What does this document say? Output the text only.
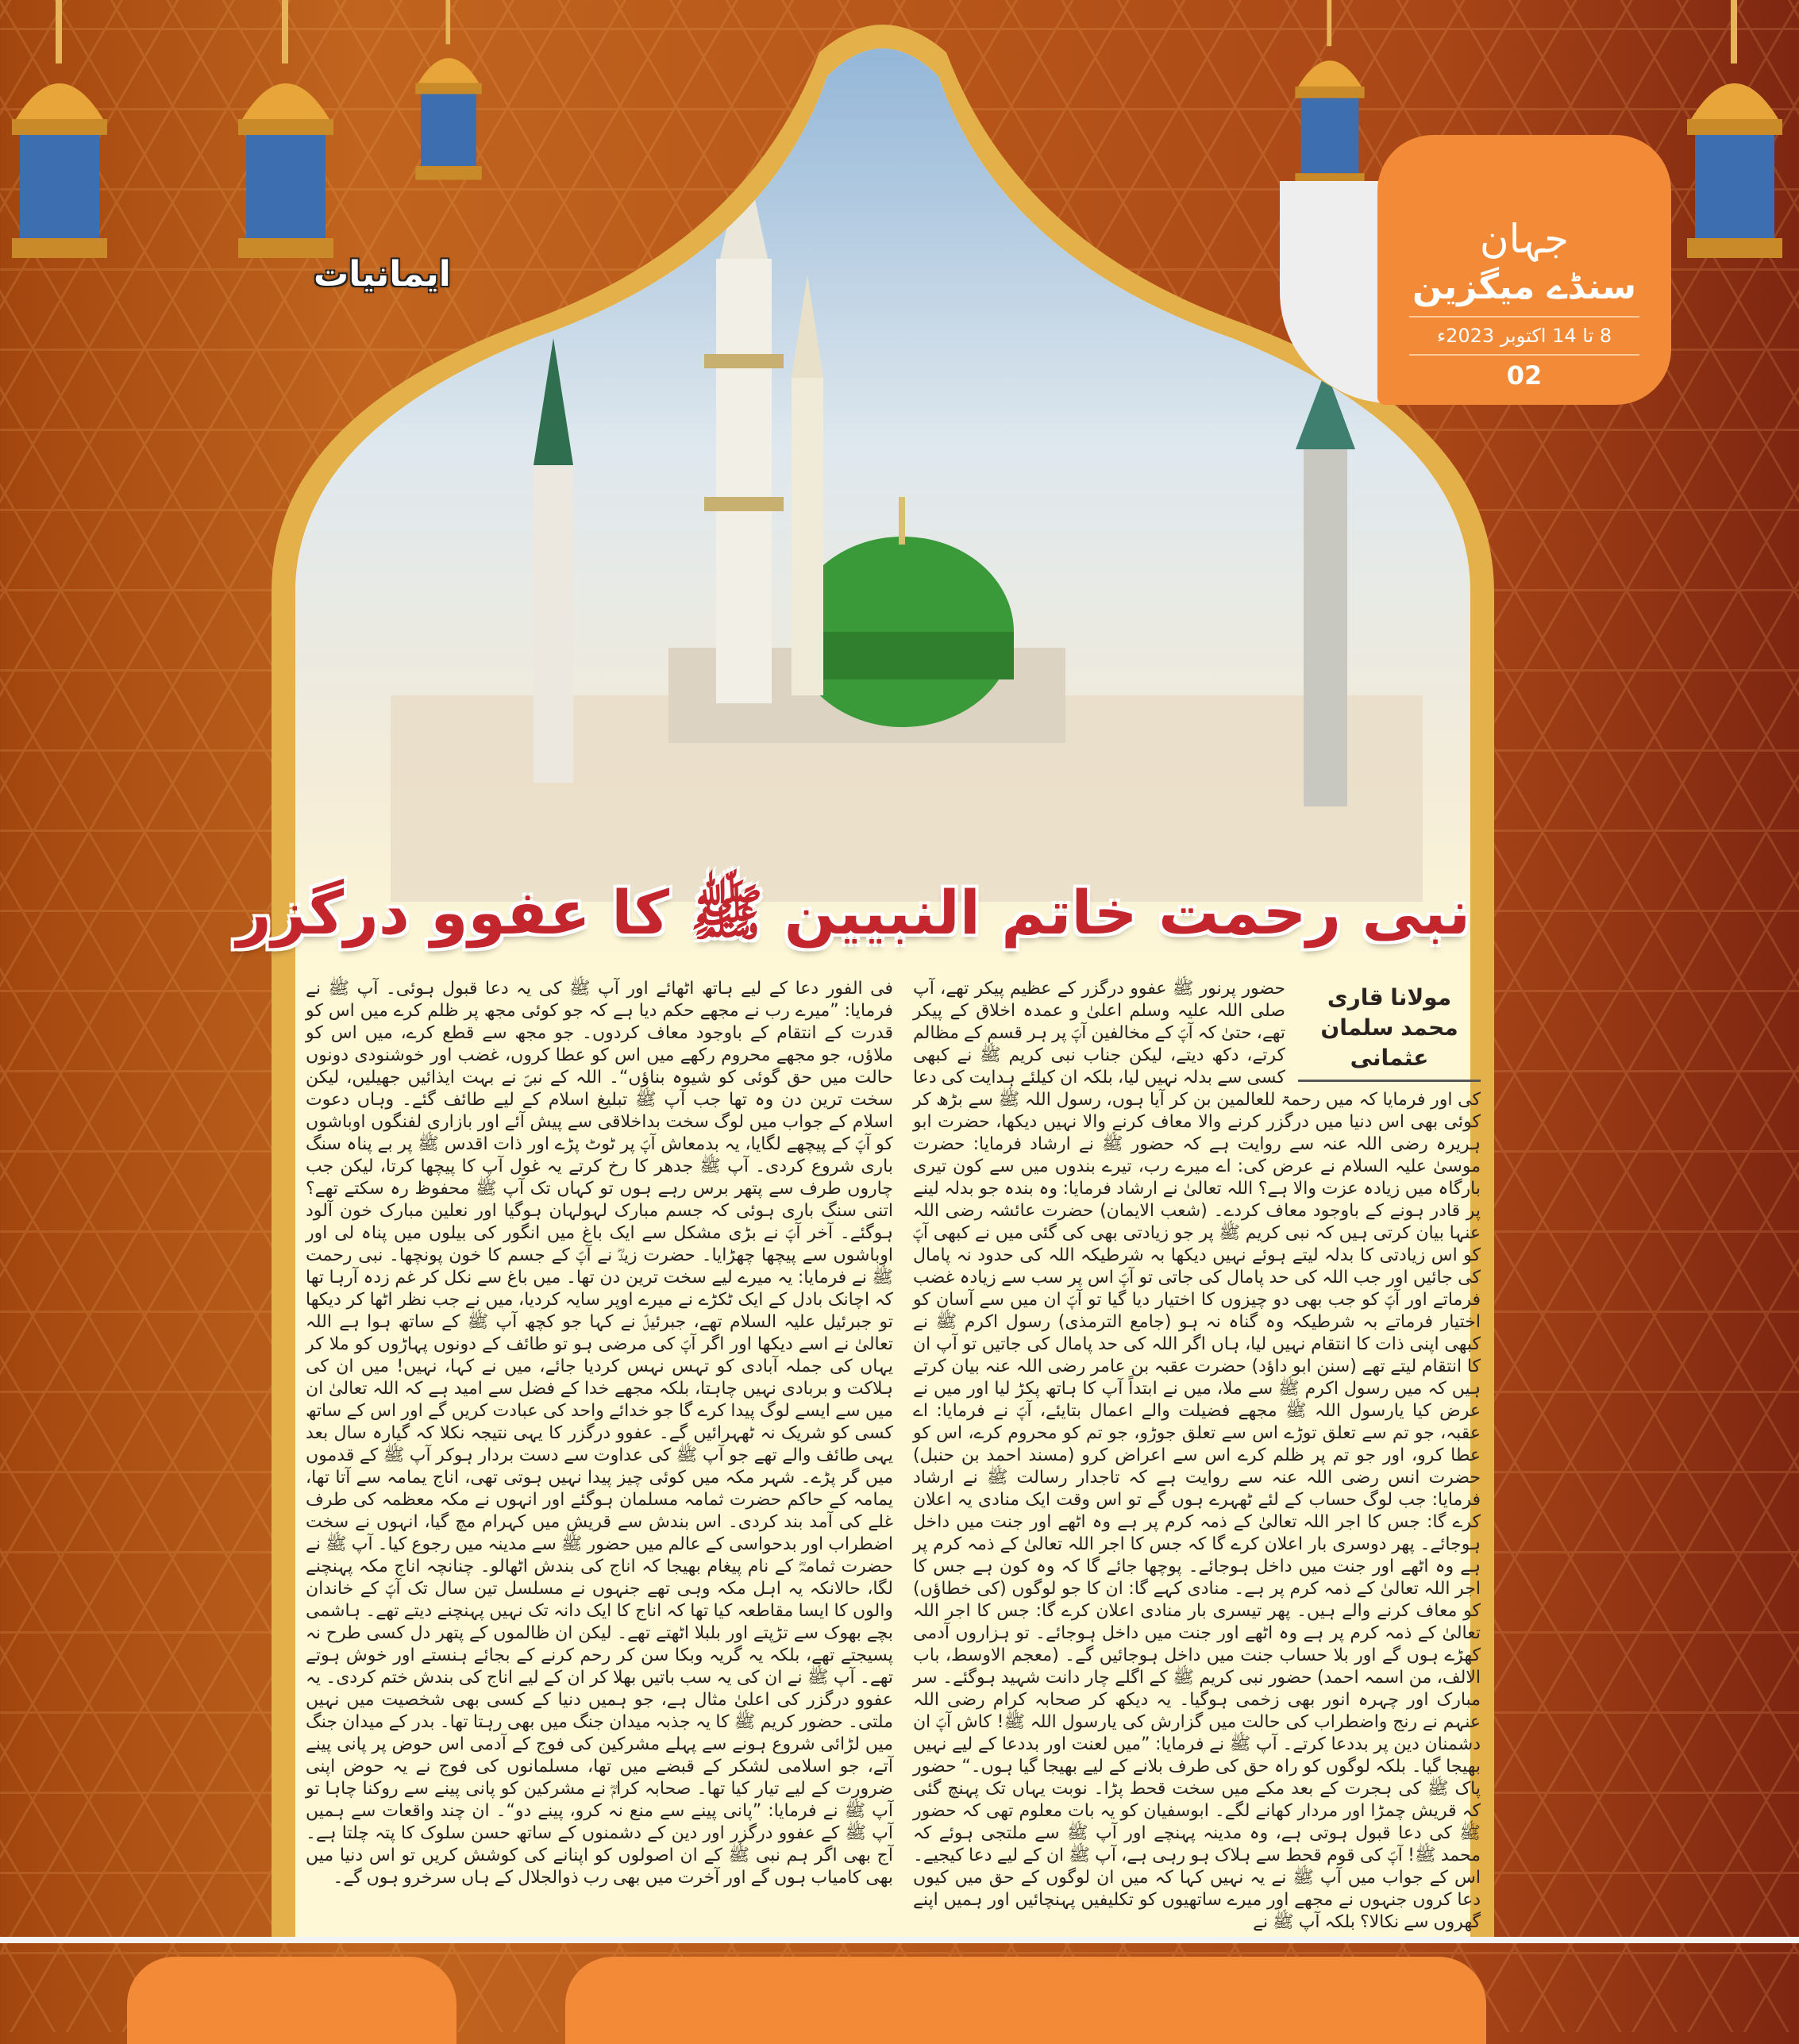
جہان
سنڈے میگزین
8 تا 14 اکتوبر 2023ء
02
ایمانیات
نبی رحمت خاتم النبیین ﷺ کا عفوو درگزر
مولانا قاری محمد سلمان عثمانی
حضور پرنور ﷺ عفوو درگزر کے عظیم پیکر تھے، آپ صلی اللہ علیہ وسلم اعلیٰ و عمدہ اخلاق کے پیکر تھے، حتیٰ کہ آپؐ کے مخالفین آپؐ پر ہر قسم کے مظالم کرتے، دکھ دیتے، لیکن جناب نبی کریم ﷺ نے کبھی کسی سے بدلہ نہیں لیا، بلکہ ان کیلئے ہدایت کی دعا کی اور فرمایا کہ میں رحمۃ للعالمین بن کر آیا ہوں، رسول اللہ ﷺ سے بڑھ کر کوئی بھی اس دنیا میں درگزر کرنے والا معاف کرنے والا نہیں دیکھا، حضرت ابو ہریرہ رضی اللہ عنہ سے روایت ہے کہ حضور ﷺ نے ارشاد فرمایا: حضرت موسیٰ علیہ السلام نے عرض کی: اے میرے رب، تیرے بندوں میں سے کون تیری بارگاہ میں زیادہ عزت والا ہے؟ اللہ تعالیٰ نے ارشاد فرمایا: وہ بندہ جو بدلہ لینے پر قادر ہونے کے باوجود معاف کردے۔ (شعب الایمان) حضرت عائشہ رضی اللہ عنہا بیان کرتی ہیں کہ نبی کریم ﷺ پر جو زیادتی بھی کی گئی میں نے کبھی آپؐ کو اس زیادتی کا بدلہ لیتے ہوئے نہیں دیکھا بہ شرطیکہ اللہ کی حدود نہ پامال کی جائیں اور جب اللہ کی حد پامال کی جاتی تو آپؐ اس پر سب سے زیادہ غضب فرماتے اور آپؐ کو جب بھی دو چیزوں کا اختیار دیا گیا تو آپؐ ان میں سے آسان کو اختیار فرماتے بہ شرطیکہ وہ گناہ نہ ہو (جامع الترمذی) رسول اکرم ﷺ نے کبھی اپنی ذات کا انتقام نہیں لیا، ہاں اگر اللہ کی حد پامال کی جاتیں تو آپ ان کا انتقام لیتے تھے (سنن ابو داؤد) حضرت عقبہ بن عامر رضی اللہ عنہ بیان کرتے ہیں کہ میں رسول اکرم ﷺ سے ملا، میں نے ابتداً آپ کا ہاتھ پکڑ لیا اور میں نے عرض کیا یارسول اللہ ﷺ مجھے فضیلت والے اعمال بتایئے، آپؐ نے فرمایا: اے عقبہ، جو تم سے تعلق توڑے اس سے تعلق جوڑو، جو تم کو محروم کرے، اس کو عطا کرو، اور جو تم پر ظلم کرے اس سے اعراض کرو (مسند احمد بن حنبل) حضرت انس رضی اللہ عنہ سے روایت ہے کہ تاجدار رسالت ﷺ نے ارشاد فرمایا: جب لوگ حساب کے لئے ٹھہرے ہوں گے تو اس وقت ایک منادی یہ اعلان کرے گا: جس کا اجر اللہ تعالیٰ کے ذمہ کرم پر ہے وہ اٹھے اور جنت میں داخل ہوجائے۔ پھر دوسری بار اعلان کرے گا کہ جس کا اجر اللہ تعالیٰ کے ذمہ کرم پر ہے وہ اٹھے اور جنت میں داخل ہوجائے۔ پوچھا جائے گا کہ وہ کون ہے جس کا اجر اللہ تعالیٰ کے ذمہ کرم پر ہے۔ منادی کہے گا: ان کا جو لوگوں (کی خطاؤں) کو معاف کرنے والے ہیں۔ پھر تیسری بار منادی اعلان کرے گا: جس کا اجر اللہ تعالیٰ کے ذمہ کرم پر ہے وہ اٹھے اور جنت میں داخل ہوجائے۔ تو ہزاروں آدمی کھڑے ہوں گے اور بلا حساب جنت میں داخل ہوجائیں گے۔ (معجم الاوسط، باب الالف، من اسمہ احمد) حضور نبی کریم ﷺ کے اگلے چار دانت شہید ہوگئے۔ سر مبارک اور چہرہ انور بھی زخمی ہوگیا۔ یہ دیکھ کر صحابہ کرام رضی اللہ عنہم نے رنج واضطراب کی حالت میں گزارش کی یارسول اللہ ﷺ! کاش آپؐ ان دشمنان دین پر بددعا کرتے۔ آپ ﷺ نے فرمایا: ”میں لعنت اور بددعا کے لیے نہیں بھیجا گیا۔ بلکہ لوگوں کو راہ حق کی طرف بلانے کے لیے بھیجا گیا ہوں۔“ حضور پاک ﷺ کی ہجرت کے بعد مکے میں سخت قحط پڑا۔ نوبت یہاں تک پہنچ گئی کہ قریش چمڑا اور مردار کھانے لگے۔ ابوسفیان کو یہ بات معلوم تھی کہ حضور ﷺ کی دعا قبول ہوتی ہے، وہ مدینہ پہنچے اور آپ ﷺ سے ملتجی ہوئے کہ محمد ﷺ! آپؐ کی قوم قحط سے ہلاک ہو رہی ہے، آپ ﷺ ان کے لیے دعا کیجیے۔ اس کے جواب میں آپ ﷺ نے یہ نہیں کہا کہ میں ان لوگوں کے حق میں کیوں دعا کروں جنہوں نے مجھے اور میرے ساتھیوں کو تکلیفیں پہنچائیں اور ہمیں اپنے گھروں سے نکالا؟ بلکہ آپ ﷺ نے
فی الفور دعا کے لیے ہاتھ اٹھائے اور آپ ﷺ کی یہ دعا قبول ہوئی۔ آپ ﷺ نے فرمایا: ”میرے رب نے مجھے حکم دیا ہے کہ جو کوئی مجھ پر ظلم کرے میں اس کو قدرت کے انتقام کے باوجود معاف کردوں۔ جو مجھ سے قطع کرے، میں اس کو ملاؤں، جو مجھے محروم رکھے میں اس کو عطا کروں، غضب اور خوشنودی دونوں حالت میں حق گوئی کو شیوہ بناؤں“۔ اللہ کے نبیؐ نے بہت ایذائیں جھیلیں، لیکن سخت ترین دن وہ تھا جب آپ ﷺ تبلیغ اسلام کے لیے طائف گئے۔ وہاں دعوت اسلام کے جواب میں لوگ سخت بداخلاقی سے پیش آئے اور بازاری لفنگوں اوباشوں کو آپؐ کے پیچھے لگایا، یہ بدمعاش آپؐ پر ٹوٹ پڑے اور ذات اقدس ﷺ پر بے پناہ سنگ باری شروع کردی۔ آپ ﷺ جدھر کا رخ کرتے یہ غول آپ کا پیچھا کرتا، لیکن جب چاروں طرف سے پتھر برس رہے ہوں تو کہاں تک آپ ﷺ محفوظ رہ سکتے تھے؟ اتنی سنگ باری ہوئی کہ جسم مبارک لہولہان ہوگیا اور نعلین مبارک خون آلود ہوگئے۔ آخر آپؐ نے بڑی مشکل سے ایک باغ میں انگور کی بیلوں میں پناہ لی اور اوباشوں سے پیچھا چھڑایا۔ حضرت زیدؓ نے آپؐ کے جسم کا خون پونچھا۔ نبی رحمت ﷺ نے فرمایا: یہ میرے لیے سخت ترین دن تھا۔ میں باغ سے نکل کر غم زدہ آرہا تھا کہ اچانک بادل کے ایک ٹکڑے نے میرے اوپر سایہ کردیا، میں نے جب نظر اٹھا کر دیکھا تو جبرئیل علیہ السلام تھے، جبرئیلؑ نے کہا جو کچھ آپ ﷺ کے ساتھ ہوا ہے اللہ تعالیٰ نے اسے دیکھا اور اگر آپؐ کی مرضی ہو تو طائف کے دونوں پہاڑوں کو ملا کر یہاں کی جملہ آبادی کو تہس نہس کردیا جائے، میں نے کہا، نہیں! میں ان کی ہلاکت و بربادی نہیں چاہتا، بلکہ مجھے خدا کے فضل سے امید ہے کہ اللہ تعالیٰ ان میں سے ایسے لوگ پیدا کرے گا جو خدائے واحد کی عبادت کریں گے اور اس کے ساتھ کسی کو شریک نہ ٹھہرائیں گے۔ عفوو درگزر کا یہی نتیجہ نکلا کہ گیارہ سال بعد یہی طائف والے تھے جو آپ ﷺ کی عداوت سے دست بردار ہوکر آپ ﷺ کے قدموں میں گر پڑے۔ شہر مکہ میں کوئی چیز پیدا نہیں ہوتی تھی، اناج یمامہ سے آتا تھا، یمامہ کے حاکم حضرت ثمامہ مسلمان ہوگئے اور انہوں نے مکہ معظمہ کی طرف غلے کی آمد بند کردی۔ اس بندش سے قریش میں کہرام مچ گیا، انہوں نے سخت اضطراب اور بدحواسی کے عالم میں حضور ﷺ سے مدینہ میں رجوع کیا۔ آپ ﷺ نے حضرت ثمامہؓ کے نام پیغام بھیجا کہ اناج کی بندش اٹھالو۔ چنانچہ اناج مکہ پہنچنے لگا، حالانکہ یہ اہل مکہ وہی تھے جنہوں نے مسلسل تین سال تک آپؐ کے خاندان والوں کا ایسا مقاطعہ کیا تھا کہ اناج کا ایک دانہ تک نہیں پہنچنے دیتے تھے۔ ہاشمی بچے بھوک سے تڑپتے اور بلبلا اٹھتے تھے۔ لیکن ان ظالموں کے پتھر دل کسی طرح نہ پسیجتے تھے، بلکہ یہ گریہ وبکا سن کر رحم کرنے کے بجائے ہنستے اور خوش ہوتے تھے۔ آپ ﷺ نے ان کی یہ سب باتیں بھلا کر ان کے لیے اناج کی بندش ختم کردی۔ یہ عفوو درگزر کی اعلیٰ مثال ہے، جو ہمیں دنیا کے کسی بھی شخصیت میں نہیں ملتی۔ حضور کریم ﷺ کا یہ جذبہ میدان جنگ میں بھی رہتا تھا۔ بدر کے میدان جنگ میں لڑائی شروع ہونے سے پہلے مشرکین کی فوج کے آدمی اس حوض پر پانی پینے آتے، جو اسلامی لشکر کے قبضے میں تھا، مسلمانوں کی فوج نے یہ حوض اپنی ضرورت کے لیے تیار کیا تھا۔ صحابہ کرامؓ نے مشرکین کو پانی پینے سے روکنا چاہا تو آپ ﷺ نے فرمایا: ”پانی پینے سے منع نہ کرو، پینے دو“۔ ان چند واقعات سے ہمیں آپ ﷺ کے عفوو درگزر اور دین کے دشمنوں کے ساتھ حسن سلوک کا پتہ چلتا ہے۔ آج بھی اگر ہم نبی ﷺ کے ان اصولوں کو اپنانے کی کوشش کریں تو اس دنیا میں بھی کامیاب ہوں گے اور آخرت میں بھی رب ذوالجلال کے ہاں سرخرو ہوں گے۔
